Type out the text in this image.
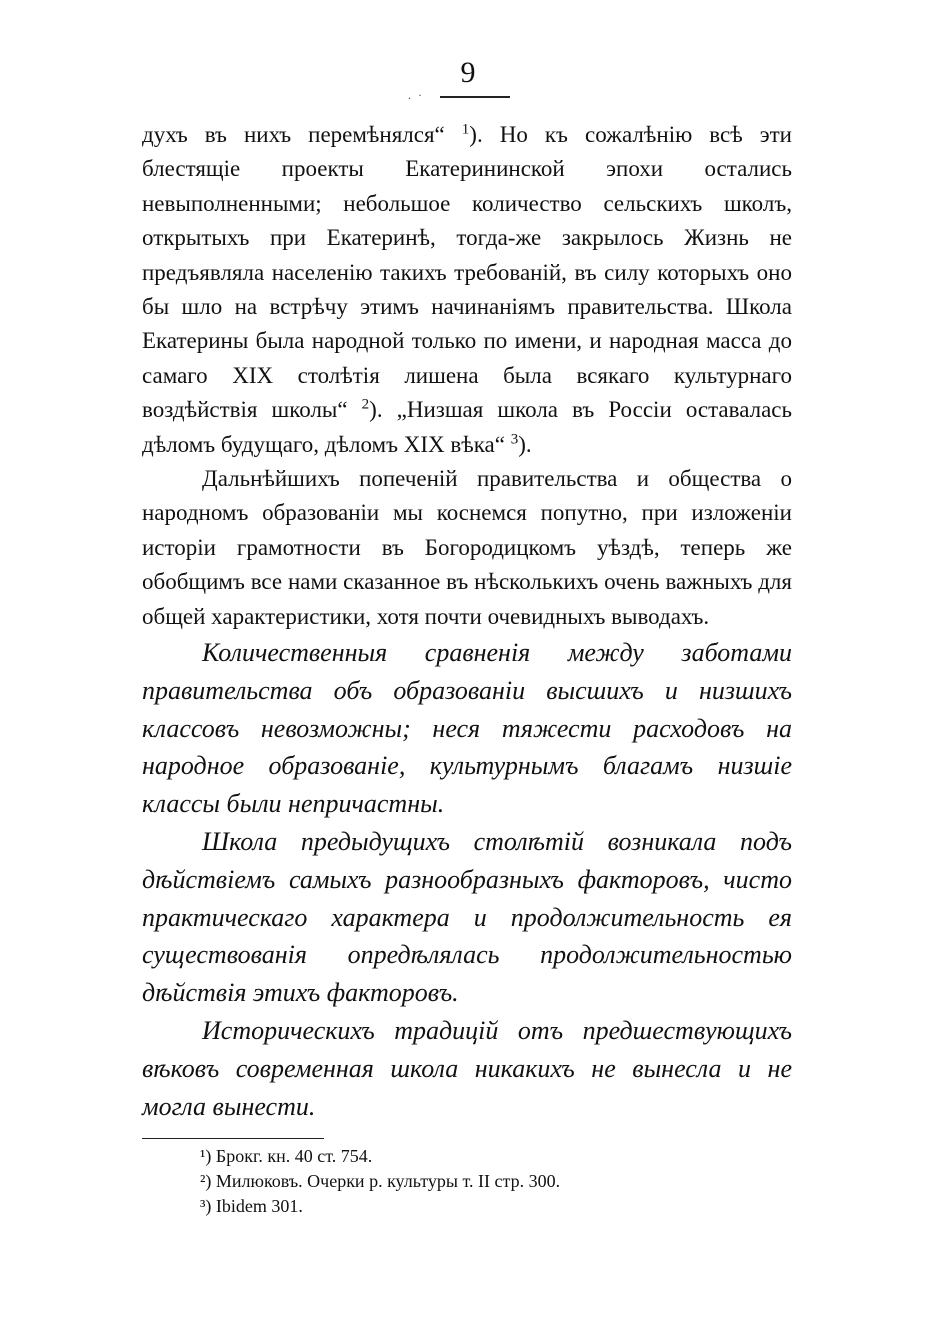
9
. ·

духъ въ нихъ перемѣнялся“ $^1$). Но къ сожалѣнію всѣ эти блестящіе проекты Екатерининской эпохи остались невыполненными; небольшое количество сельскихъ школъ, открытыхъ при Екатеринѣ, тогда-же закрылось Жизнь не предъявляла населенію такихъ требованій, въ силу которыхъ оно бы шло на встрѣчу этимъ начинаніямъ правительства. Школа Екатерины была народной только по имени, и народная масса до самаго XIX столѣтія лишена была всякаго культурнаго воздѣйствія школы“ $^2$). „Низшая школа въ Россіи оставалась дѣломъ будущаго, дѣломъ XIX вѣка“ $^3$).

Дальнѣйшихъ попеченій правительства и общества о народномъ образованіи мы коснемся попутно, при изложеніи исторіи грамотности въ Богородицкомъ уѣздѣ, теперь же обобщимъ все нами сказанное въ нѣсколькихъ очень важныхъ для общей характеристики, хотя почти очевидныхъ выводахъ.

Количественныя сравненія между заботами правительства объ образованіи высшихъ и низшихъ классовъ невозможны; неся тяжести расходовъ на народное образованіе, культурнымъ благамъ низшіе классы были непричастны.

Школа предыдущихъ столѣтій возникала подъ дѣйствіемъ самыхъ разнообразныхъ факторовъ, чисто практическаго характера и продолжительность ея существованія опредѣлялась продолжительностью дѣйствія этихъ факторовъ.

Историческихъ традицій отъ предшествующихъ вѣковъ современная школа никакихъ не вынесла и не могла вынести.

¹) Брокг. кн. 40 ст. 754.

²) Милюковъ. Очерки р. культуры т. II стр. 300.

³) Ibidem 301.
